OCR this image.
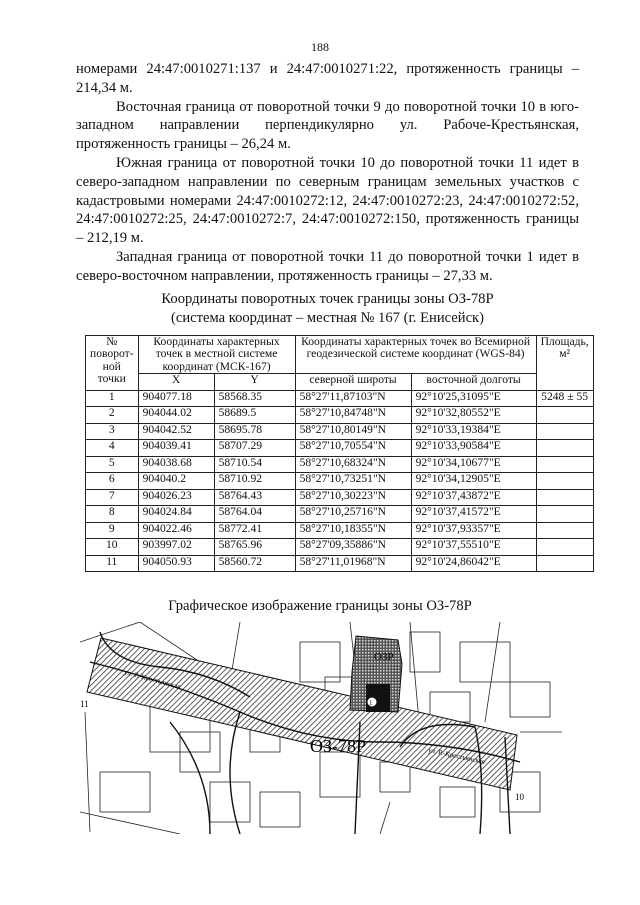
188

номерами 24:47:0010271:137 и 24:47:0010271:22, протяженность границы – 214,34 м.

Восточная граница от поворотной точки 9 до поворотной точки 10 в юго-западном направлении перпендикулярно ул. Рабоче-Крестьянская, протяженность границы – 26,24 м.

Южная граница от поворотной точки 10 до поворотной точки 11 идет в северо-западном направлении по северным границам земельных участков с кадастровыми номерами 24:47:0010272:12, 24:47:0010272:23, 24:47:0010272:52, 24:47:0010272:25, 24:47:0010272:7, 24:47:0010272:150, протяженность границы – 212,19 м.

Западная граница от поворотной точки 11 до поворотной точки 1 идет в северо-восточном направлении, протяженность границы – 27,33 м.

Координаты поворотных точек границы зоны ОЗ-78Р
(система координат – местная № 167 (г. Енисейск)
№ поворот-ной точки	Координаты характерных точек в местной системе координат (МСК-167)		Координаты характерных точек во Всемирной геодезической системе координат (WGS-84)		Площадь, м²
	X	Y	северной широты	восточной долготы	
1	904077.18	58568.35	58°27'11,87103"N	92°10'25,31095"E	5248 ± 55
2	904044.02	58689.5	58°27'10,84748"N	92°10'32,80552"E	
3	904042.52	58695.78	58°27'10,80149"N	92°10'33,19384"E	
4	904039.41	58707.29	58°27'10,70554"N	92°10'33,90584"E	
5	904038.68	58710.54	58°27'10,68324"N	92°10'34,10677"E	
6	904040.2	58710.92	58°27'10,73251"N	92°10'34,12905"E	
7	904026.23	58764.43	58°27'10,30223"N	92°10'37,43872"E	
8	904024.84	58764.04	58°27'10,25716"N	92°10'37,41572"E	
9	904022.46	58772.41	58°27'10,18355"N	92°10'37,93357"E	
10	903997.02	58765.96	58°27'09,35886"N	92°10'37,55510"E	
11	904050.93	58560.72	58°27'11,01968"N	92°10'24,86042"E	
Графическое изображение границы зоны ОЗ-78Р
ОЗ-78Р
ОЗР
ул. Р.-Крестьянская
ул. Р.-Крестьянская
11
10
1
